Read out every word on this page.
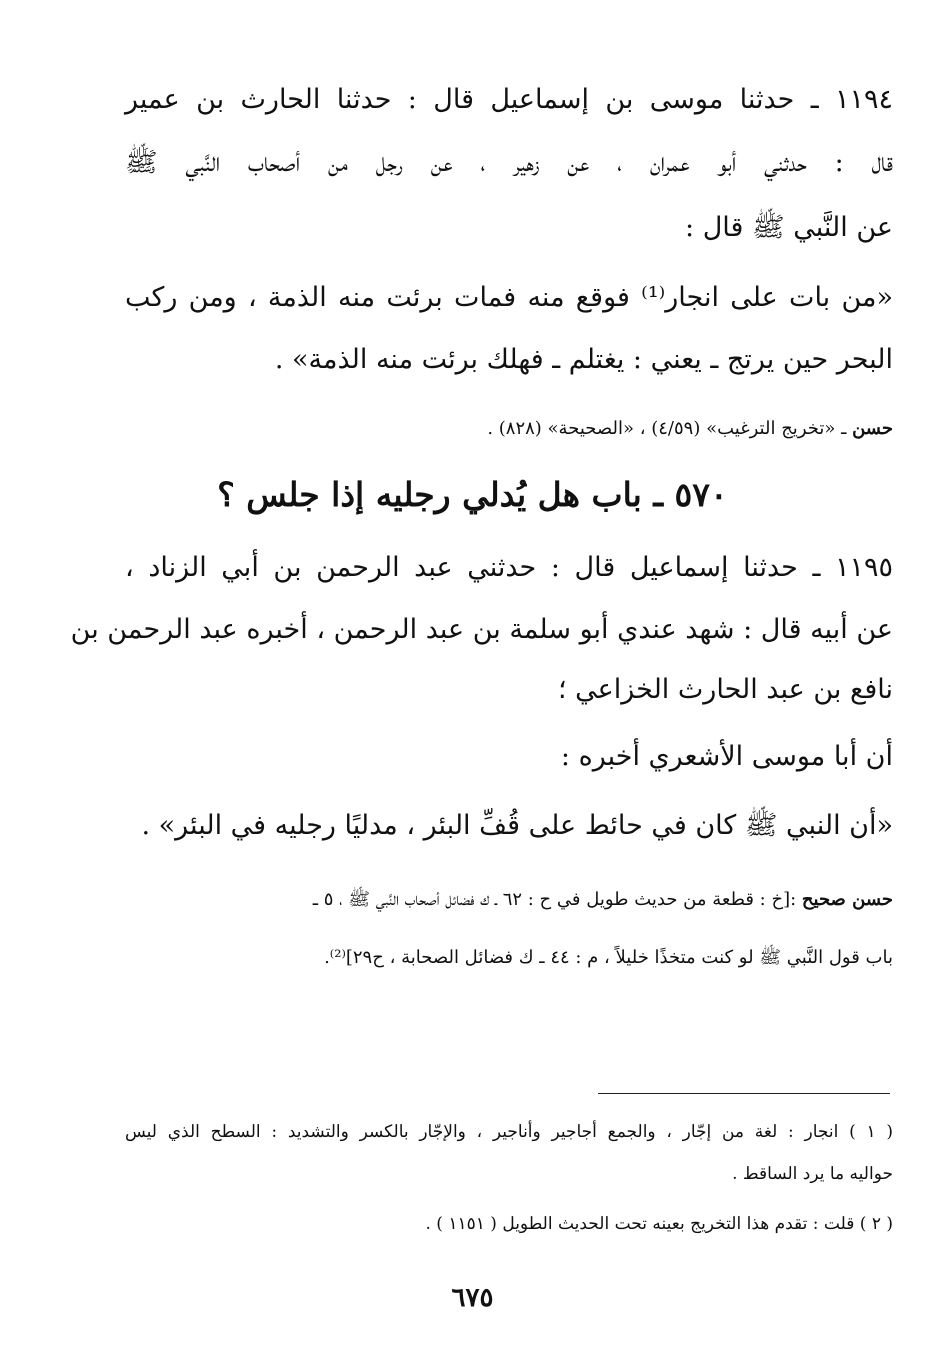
١١٩٤ ـ حدثنا موسى بن إسماعيل قال : حدثنا الحارث بن عمير
قال : حدثني أبو عمران ، عن زهير ، عن رجل من أصحاب النَّبي ﷺ
عن النَّبي ﷺ قال :
«من بات على انجار⁽¹⁾ فوقع منه فمات برئت منه الذمة ، ومن ركب
البحر حين يرتج ـ يعني : يغتلم ـ فهلك برئت منه الذمة» .
حسن ـ «تخريج الترغيب» (٤/٥٩) ، «الصحيحة» (٨٢٨) .
٥٧٠ ـ باب هل يُدلي رجليه إذا جلس ؟
١١٩٥ ـ حدثنا إسماعيل قال : حدثني عبد الرحمن بن أبي الزناد ،
عن أبيه قال : شهد عندي أبو سلمة بن عبد الرحمن ، أخبره عبد الرحمن بن
نافع بن عبد الحارث الخزاعي ؛
أن أبا موسى الأشعري أخبره :
«أن النبي ﷺ كان في حائط على قُفِّ البئر ، مدليًا رجليه في البئر» .
حسن صحيح :[خ : قطعة من حديث طويل في ح : ٦٢ ـ ك فضائل أصحاب النَّبي ﷺ ، ٥ ـ
باب قول النَّبي ﷺ لو كنت متخذًا خليلاً ، م : ٤٤ ـ ك فضائل الصحابة ، ح٢٩]⁽²⁾.
( ١ ) انجار : لغة من إجّار ، والجمع أجاجير وأناجير ، والإجّار بالكسر والتشديد : السطح الذي ليس
حواليه ما يرد الساقط .
( ٢ ) قلت : تقدم هذا التخريج بعينه تحت الحديث الطويل ( ١١٥١ ) .
٦٧٥
